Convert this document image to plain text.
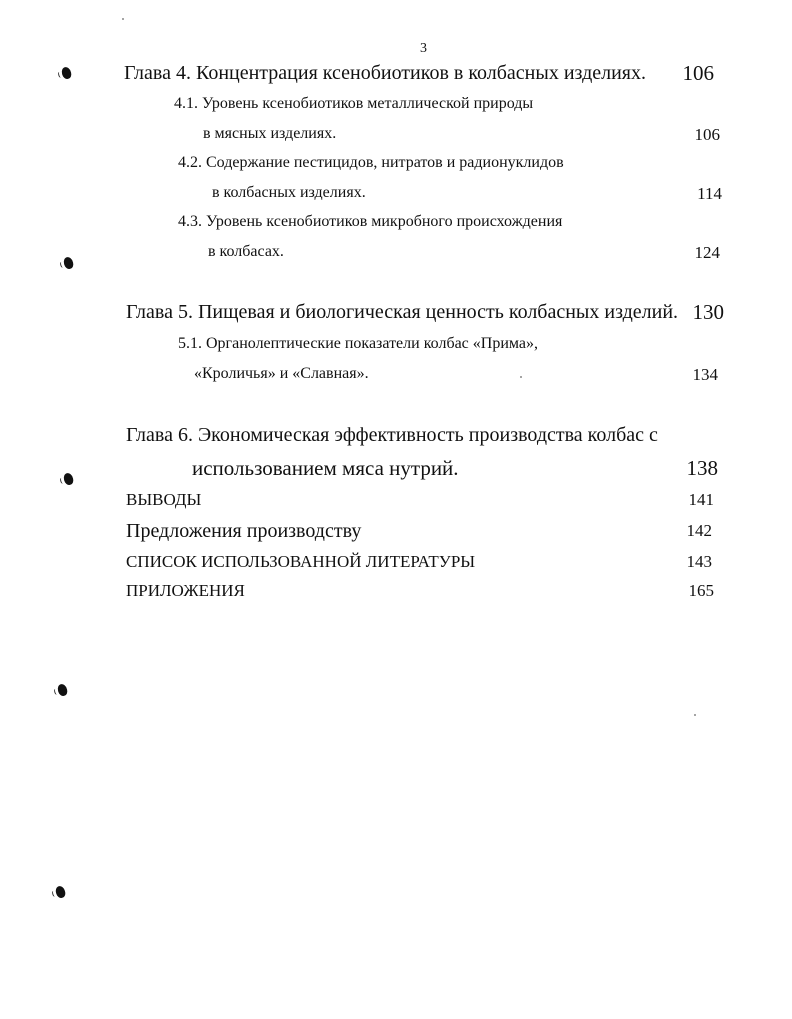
3
Глава 4. Концентрация ксенобиотиков в колбасных изделиях. 106
4.1. Уровень ксенобиотиков металлической природы
в мясных изделиях.	106
4.2. Содержание пестицидов, нитратов и радионуклидов
в колбасных изделиях.	114
4.3. Уровень ксенобиотиков микробного происхождения
в колбасах.	124
Глава 5. Пищевая и биологическая ценность колбасных изделий. 130
5.1. Органолептические показатели колбас «Прима»,
«Кроличья» и «Славная».	134
Глава 6. Экономическая эффективность производства колбас с
использованием мяса нутрий.	138
ВЫВОДЫ	141
Предложения производству	142
СПИСОК ИСПОЛЬЗОВАННОЙ ЛИТЕРАТУРЫ	143
ПРИЛОЖЕНИЯ	165
